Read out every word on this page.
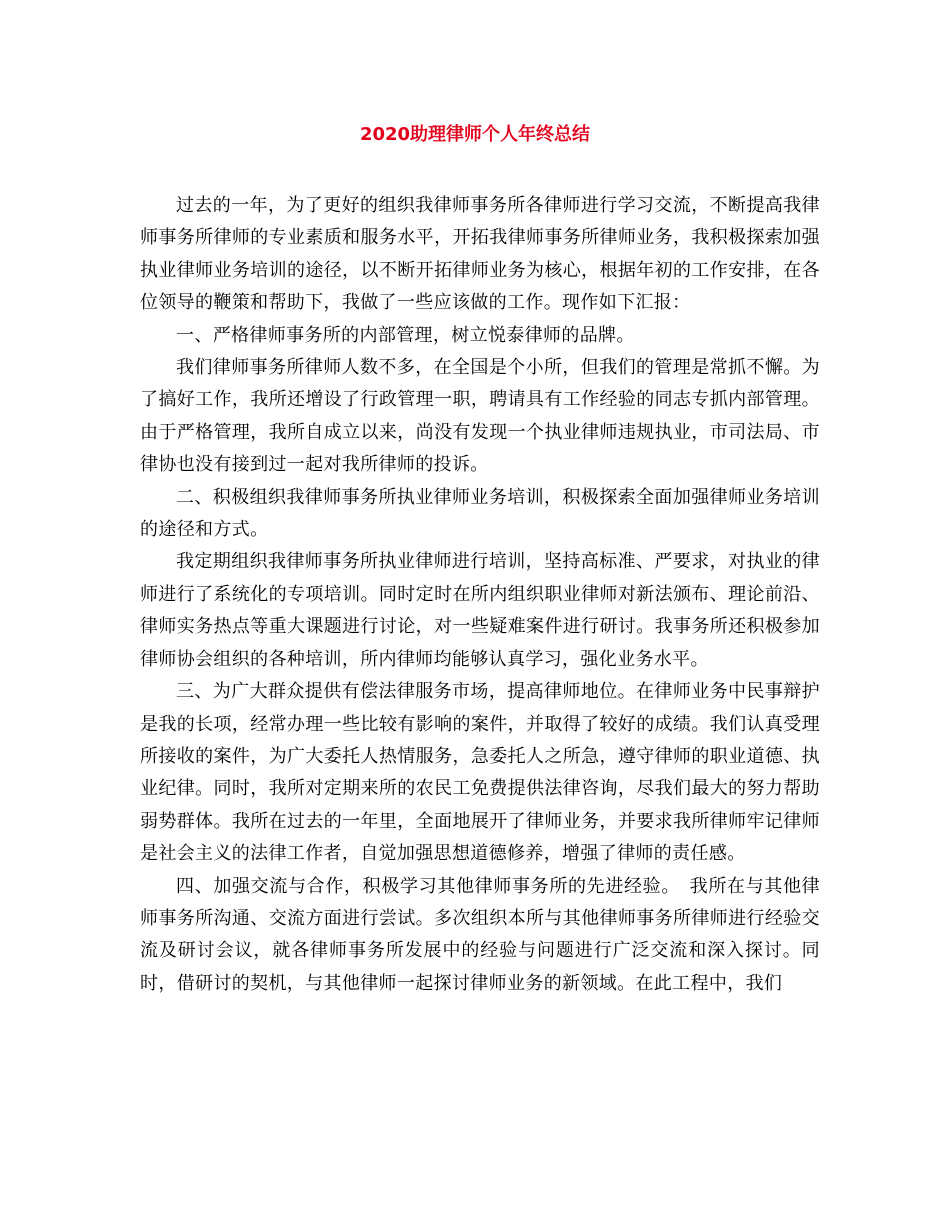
2020助理律师个人年终总结

过去的一年，为了更好的组织我律师事务所各律师进行学习交流，不断提高我律师事务所律师的专业素质和服务水平，开拓我律师事务所律师业务，我积极探索加强执业律师业务培训的途径，以不断开拓律师业务为核心，根据年初的工作安排，在各位领导的鞭策和帮助下，我做了一些应该做的工作。现作如下汇报：

一、严格律师事务所的内部管理，树立悦泰律师的品牌。

我们律师事务所律师人数不多，在全国是个小所，但我们的管理是常抓不懈。为了搞好工作，我所还增设了行政管理一职，聘请具有工作经验的同志专抓内部管理。由于严格管理，我所自成立以来，尚没有发现一个执业律师违规执业，市司法局、市律协也没有接到过一起对我所律师的投诉。

二、积极组织我律师事务所执业律师业务培训，积极探索全面加强律师业务培训的途径和方式。

我定期组织我律师事务所执业律师进行培训，坚持高标准、严要求，对执业的律师进行了系统化的专项培训。同时定时在所内组织职业律师对新法颁布、理论前沿、律师实务热点等重大课题进行讨论，对一些疑难案件进行研讨。我事务所还积极参加律师协会组织的各种培训，所内律师均能够认真学习，强化业务水平。

三、为广大群众提供有偿法律服务市场，提高律师地位。在律师业务中民事辩护是我的长项，经常办理一些比较有影响的案件，并取得了较好的成绩。我们认真受理所接收的案件，为广大委托人热情服务，急委托人之所急，遵守律师的职业道德、执业纪律。同时，我所对定期来所的农民工免费提供法律咨询，尽我们最大的努力帮助弱势群体。我所在过去的一年里，全面地展开了律师业务，并要求我所律师牢记律师是社会主义的法律工作者，自觉加强思想道德修养，增强了律师的责任感。

四、加强交流与合作，积极学习其他律师事务所的先进经验。　我所在与其他律师事务所沟通、交流方面进行尝试。多次组织本所与其他律师事务所律师进行经验交流及研讨会议，就各律师事务所发展中的经验与问题进行广泛交流和深入探讨。同时，借研讨的契机，与其他律师一起探讨律师业务的新领域。在此工程中，我们
